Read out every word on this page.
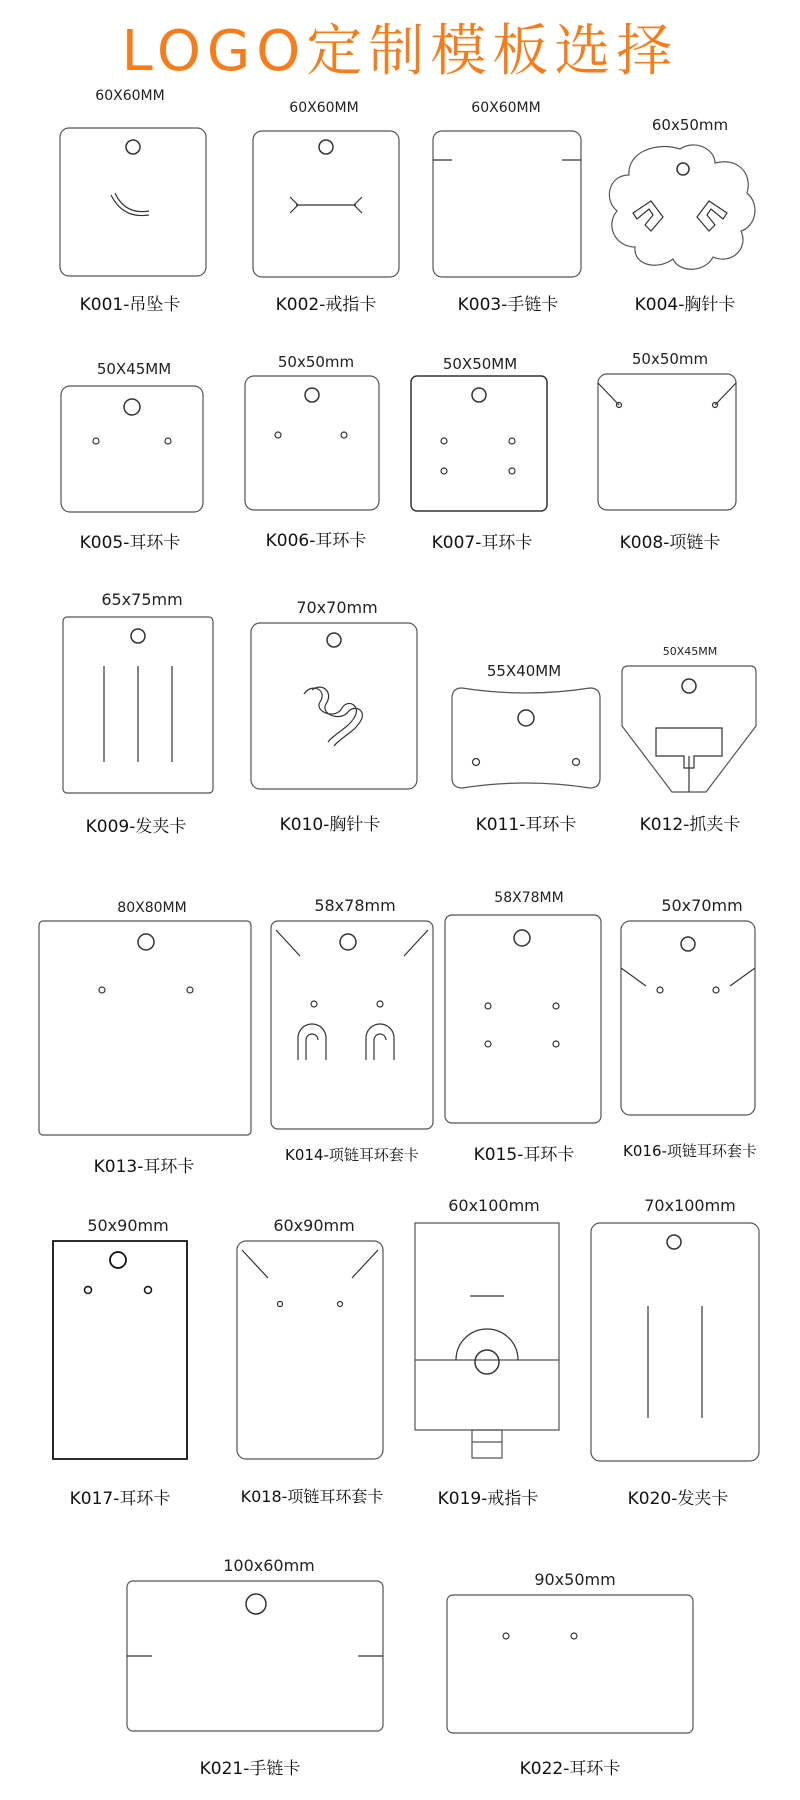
LOGO定制模板选择
60X60MM
K001-吊坠卡
60X60MM
K002-戒指卡
60X60MM
K003-手链卡
60x50mm
K004-胸针卡
50X45MM
K005-耳环卡
50x50mm
K006-耳环卡
50X50MM
K007-耳环卡
50x50mm
K008-项链卡
65x75mm
K009-发夹卡
70x70mm
K010-胸针卡
55X40MM
K011-耳环卡
50X45MM
K012-抓夹卡
80X80MM
K013-耳环卡
58x78mm
K014-项链耳环套卡
58X78MM
K015-耳环卡
50x70mm
K016-项链耳环套卡
50x90mm
K017-耳环卡
60x90mm
K018-项链耳环套卡
60x100mm
K019-戒指卡
70x100mm
K020-发夹卡
100x60mm
K021-手链卡
90x50mm
K022-耳环卡
